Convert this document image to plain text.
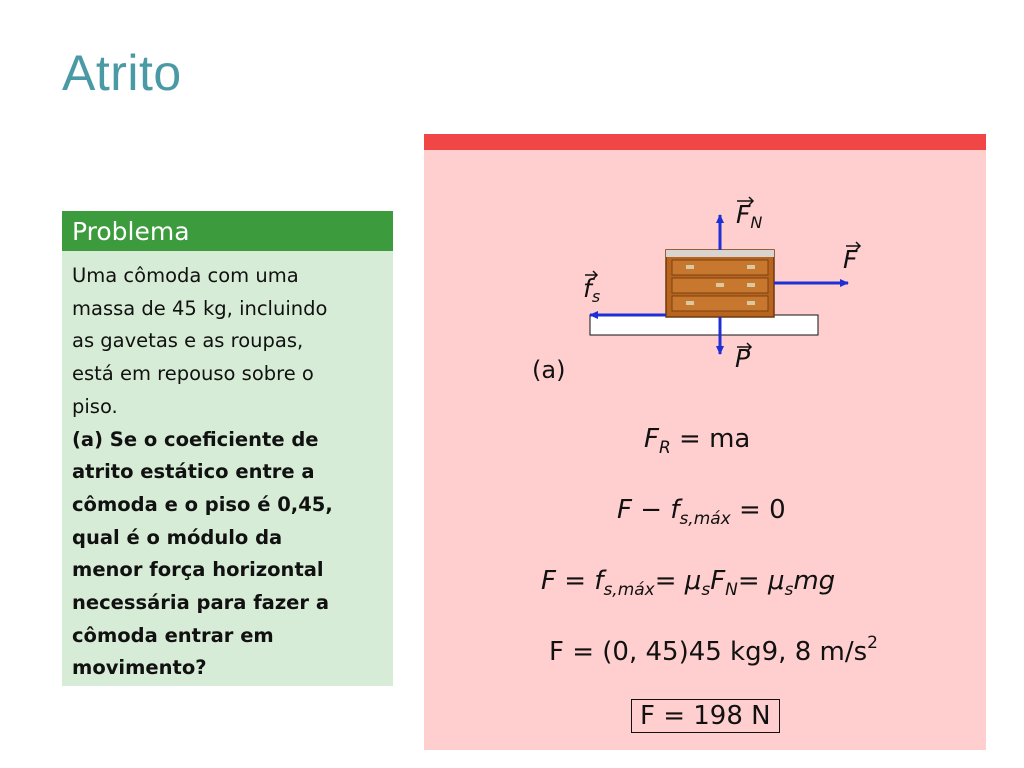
Atrito
Problema
Uma cômoda com uma
massa de 45 kg, incluindo
as gavetas e as roupas,
está em repouso sobre o
piso.
(a) Se o coeficiente de
atrito estático entre a
cômoda e o piso é 0,45,
qual é o módulo da
menor força horizontal
necessária para fazer a
cômoda entrar em
movimento?
$F_N$
F
$f_s$
P
(a)
$F_R$ = ma
$F - f_{s,máx} = 0$
$F = f_{s,máx}= \mu_sF_N= \mu_smg$
F = (0, 45)45 kg9, 8 $m/s^2$
F = 198 N
